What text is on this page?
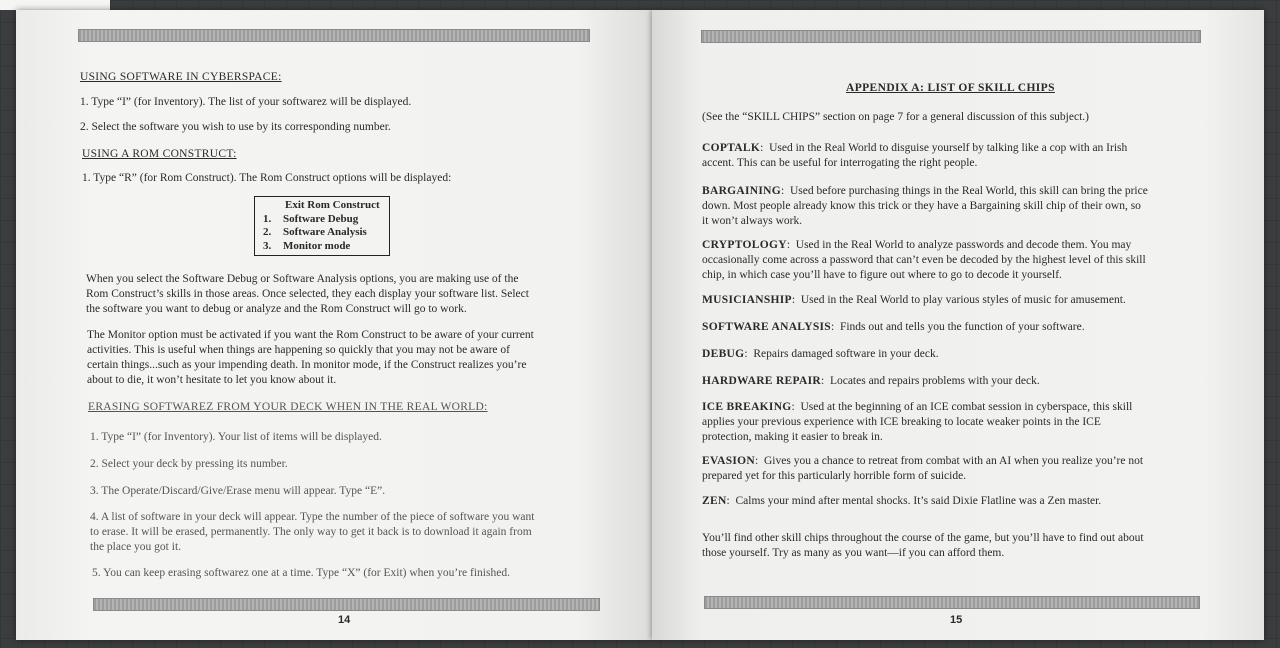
USING SOFTWARE IN CYBERSPACE:

1. Type “I” (for Inventory). The list of your softwarez will be displayed.

2. Select the software you wish to use by its corresponding number.

USING A ROM CONSTRUCT:

1. Type “R” (for Rom Construct). The Rom Construct options will be displayed:

Exit Rom Construct
1.	Software Debug
2.	Software Analysis
3.	Monitor mode

When you select the Software Debug or Software Analysis options, you are making use of the

Rom Construct’s skills in those areas. Once selected, they each display your software list. Select

the software you want to debug or analyze and the Rom Construct will go to work.

The Monitor option must be activated if you want the Rom Construct to be aware of your current

activities. This is useful when things are happening so quickly that you may not be aware of

certain things...such as your impending death. In monitor mode, if the Construct realizes you’re

about to die, it won’t hesitate to let you know about it.

ERASING SOFTWAREZ FROM YOUR DECK WHEN IN THE REAL WORLD:

1. Type “I” (for Inventory). Your list of items will be displayed.

2. Select your deck by pressing its number.

3. The Operate/Discard/Give/Erase menu will appear. Type “E”.

4. A list of software in your deck will appear. Type the number of the piece of software you want

to erase. It will be erased, permanently. The only way to get it back is to download it again from

the place you got it.

5. You can keep erasing softwarez one at a time. Type “X” (for Exit) when you’re finished.

14

APPENDIX A: LIST OF SKILL CHIPS

(See the “SKILL CHIPS” section on page 7 for a general discussion of this subject.)

COPTALK:  Used in the Real World to disguise yourself by talking like a cop with an Irish

accent. This can be useful for interrogating the right people.

BARGAINING:  Used before purchasing things in the Real World, this skill can bring the price

down. Most people already know this trick or they have a Bargaining skill chip of their own, so

it won’t always work.

CRYPTOLOGY:  Used in the Real World to analyze passwords and decode them. You may

occasionally come across a password that can’t even be decoded by the highest level of this skill

chip, in which case you’ll have to figure out where to go to decode it yourself.

MUSICIANSHIP:  Used in the Real World to play various styles of music for amusement.

SOFTWARE ANALYSIS:  Finds out and tells you the function of your software.

DEBUG:  Repairs damaged software in your deck.

HARDWARE REPAIR:  Locates and repairs problems with your deck.

ICE BREAKING:  Used at the beginning of an ICE combat session in cyberspace, this skill

applies your previous experience with ICE breaking to locate weaker points in the ICE

protection, making it easier to break in.

EVASION:  Gives you a chance to retreat from combat with an AI when you realize you’re not

prepared yet for this particularly horrible form of suicide.

ZEN:  Calms your mind after mental shocks. It’s said Dixie Flatline was a Zen master.

You’ll find other skill chips throughout the course of the game, but you’ll have to find out about

those yourself. Try as many as you want—if you can afford them.

15
